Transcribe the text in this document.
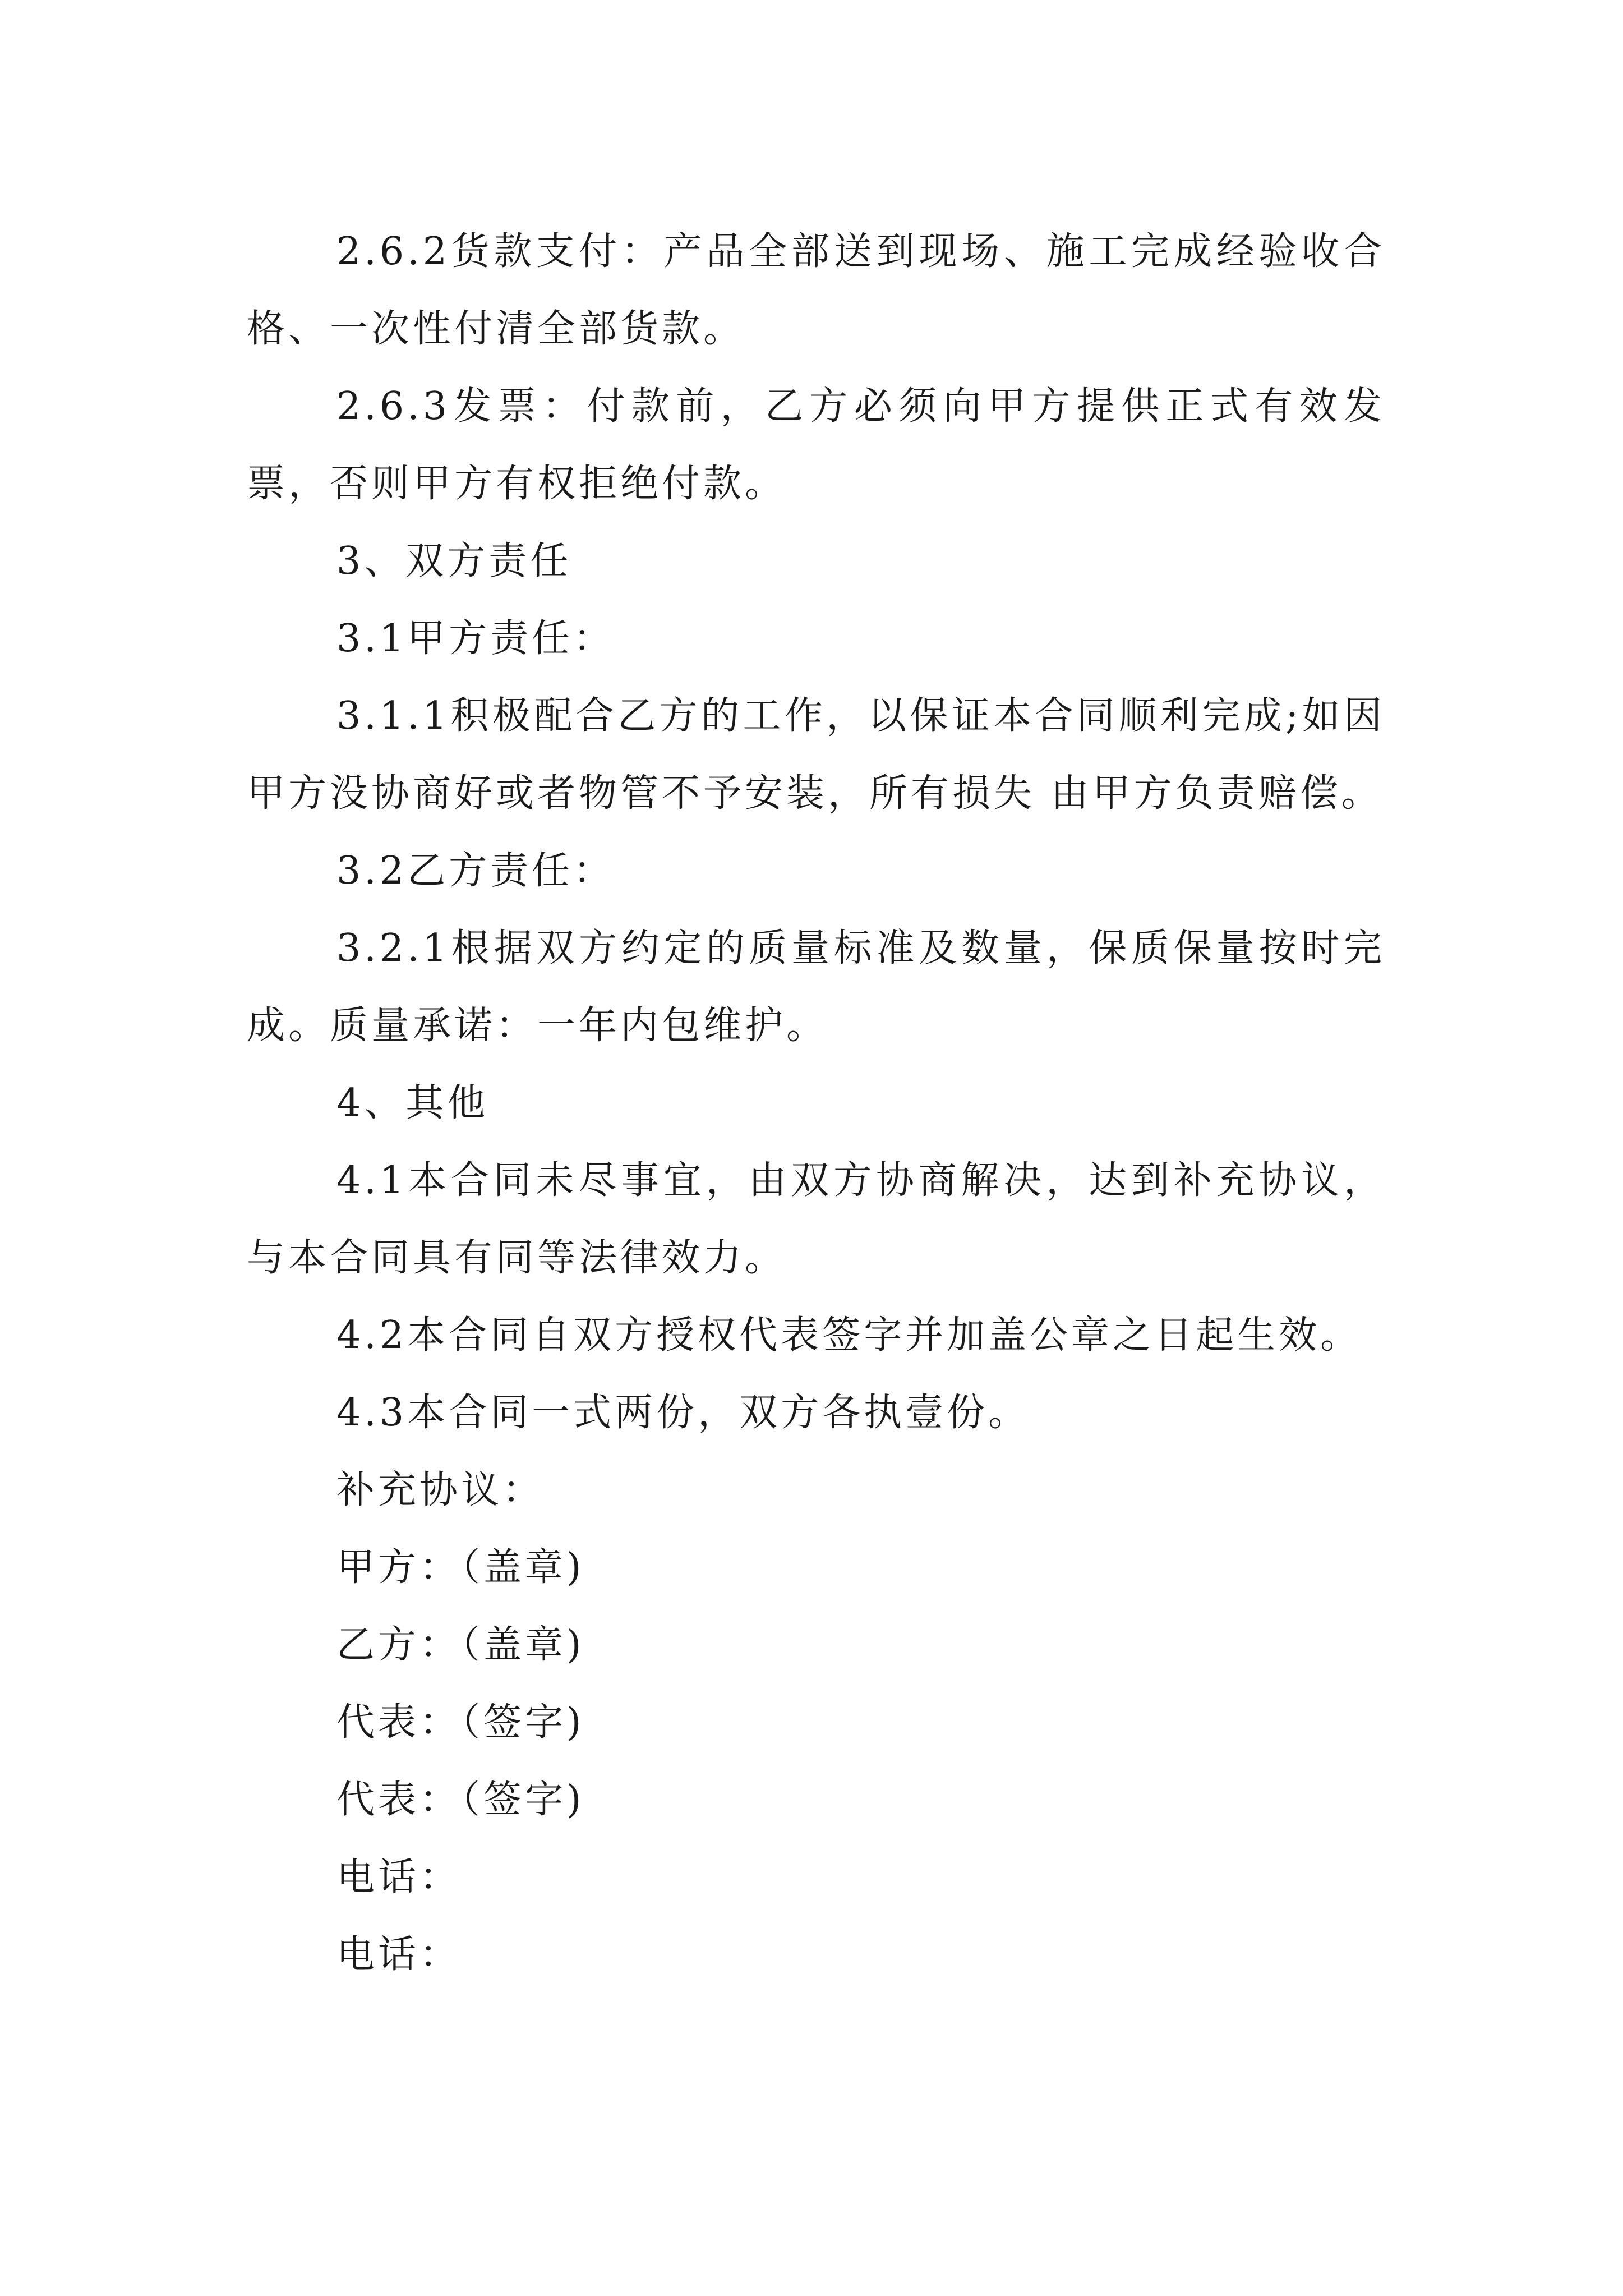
2.6.2货款支付：产品全部送到现场、施工完成经验收合格、一次性付清全部货款。

2.6.3发票：付款前，乙方必须向甲方提供正式有效发票，否则甲方有权拒绝付款。

3、双方责任

3.1甲方责任：

3.1.1积极配合乙方的工作，以保证本合同顺利完成;如因甲方没协商好或者物管不予安装，所有损失 由甲方负责赔偿。

3.2乙方责任：

3.2.1根据双方约定的质量标准及数量，保质保量按时完成。质量承诺：一年内包维护。

4、其他

4.1本合同未尽事宜，由双方协商解决，达到补充协议，与本合同具有同等法律效力。

4.2本合同自双方授权代表签字并加盖公章之日起生效。

4.3本合同一式两份，双方各执壹份。

补充协议：

甲方：（盖章)

乙方：（盖章)

代表：（签字)

代表：（签字)

电话：

电话：
